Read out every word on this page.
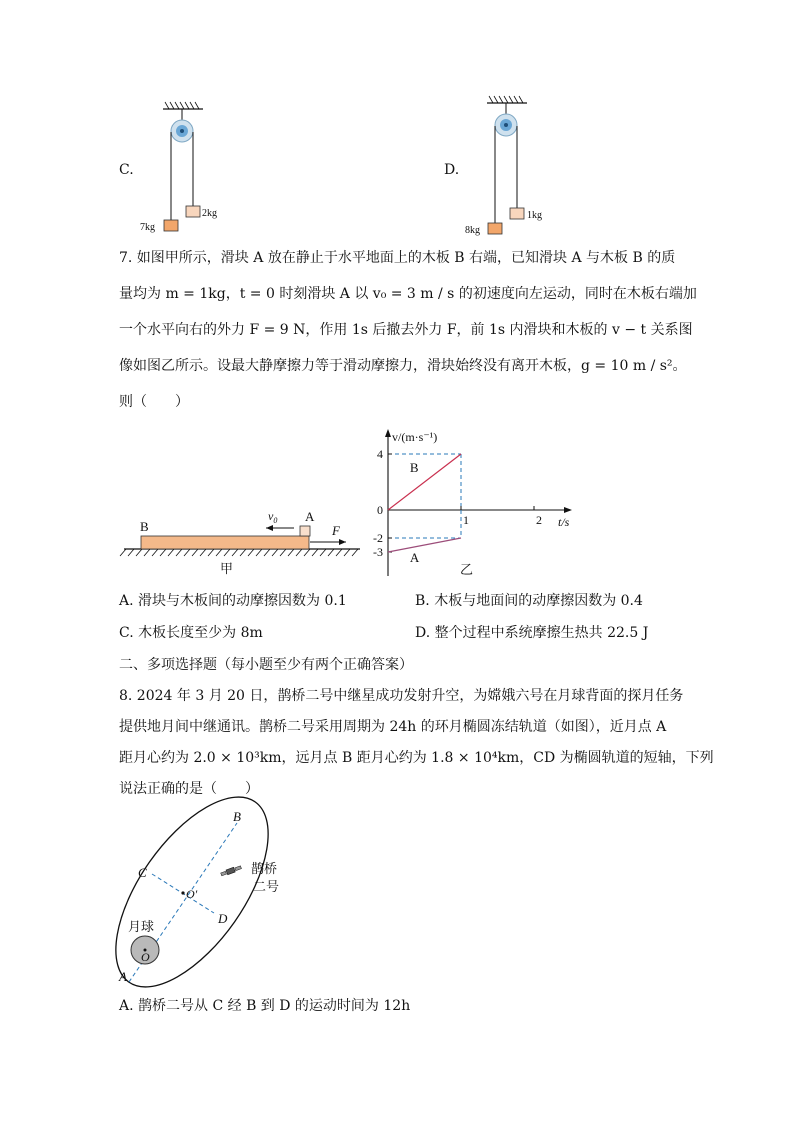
C.
7kg
2kg
D.
8kg
1kg
7. 如图甲所示，滑块 A 放在静止于水平地面上的木板 B 右端，已知滑块 A 与木板 B 的质
量均为 m = 1kg，t = 0 时刻滑块 A 以 v₀ = 3 m / s 的初速度向左运动，同时在木板右端加
一个水平向右的外力 F = 9 N，作用 1s 后撤去外力 F，前 1s 内滑块和木板的 v − t 关系图
像如图乙所示。设最大静摩擦力等于滑动摩擦力，滑块始终没有离开木板，g = 10 m / s²。
则（　　）
B
A
$v_0$
F
甲
v/(m·s⁻¹)
t/s
4
0
-2
-3
1	2
B
A
乙
A. 滑块与木板间的动摩擦因数为 0.1	B. 木板与地面间的动摩擦因数为 0.4
C. 木板长度至少为 8m	D. 整个过程中系统摩擦生热共 22.5 J
二、多项选择题（每小题至少有两个正确答案）
8. 2024 年 3 月 20 日，鹊桥二号中继星成功发射升空，为嫦娥六号在月球背面的探月任务
提供地月间中继通讯。鹊桥二号采用周期为 24h 的环月椭圆冻结轨道（如图），近月点 A
距月心约为 2.0 × 10³km，远月点 B 距月心约为 1.8 × 10⁴km，CD 为椭圆轨道的短轴，下列
说法正确的是（　　）
O
O′
A
B
C
D
月球
鹊桥
二号
A. 鹊桥二号从 C 经 B 到 D 的运动时间为 12h
